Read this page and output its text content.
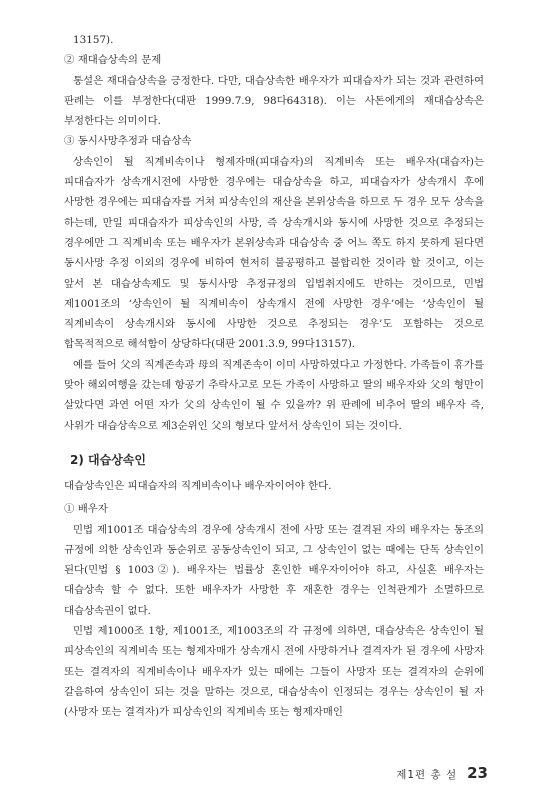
13157).

② 재대습상속의 문제

통설은 재대습상속을 긍정한다. 다만, 대습상속한 배우자가 피대습자가 되는 것과 관련하여 판례는 이를 부정한다(대판 1999.7.9, 98다64318). 이는 사돈에게의 재대습상속은 부정한다는 의미이다.

③ 동시사망추정과 대습상속

상속인이 될 직계비속이나 형제자매(피대습자)의 직계비속 또는 배우자(대습자)는 피대습자가 상속개시전에 사망한 경우에는 대습상속을 하고, 피대습자가 상속개시 후에 사망한 경우에는 피대습자를 거쳐 피상속인의 재산을 본위상속을 하므로 두 경우 모두 상속을 하는데, 만일 피대습자가 피상속인의 사망, 즉 상속개시와 동시에 사망한 것으로 추정되는 경우에만 그 직계비속 또는 배우자가 본위상속과 대습상속 중 어느 쪽도 하지 못하게 된다면 동시사망 추정 이외의 경우에 비하여 현저히 불공평하고 불합리한 것이라 할 것이고, 이는 앞서 본 대습상속제도 및 동시사망 추정규정의 입법취지에도 반하는 것이므로, 민법 제1001조의 ‘상속인이 될 직계비속이 상속개시 전에 사망한 경우’에는 ‘상속인이 될 직계비속이 상속개시와 동시에 사망한 것으로 추정되는 경우’도 포함하는 것으로 합목적적으로 해석함이 상당하다(대판 2001.3.9, 99다13157).

예를 들어 父의 직계존속과 母의 직계존속이 이미 사망하였다고 가정한다. 가족들이 휴가를 맞아 해외여행을 갔는데 항공기 추락사고로 모든 가족이 사망하고 딸의 배우자와 父의 형만이 살았다면 과연 어떤 자가 父의 상속인이 될 수 있을까? 위 판례에 비추어 딸의 배우자 즉, 사위가 대습상속으로 제3순위인 父의 형보다 앞서서 상속인이 되는 것이다.

2) 대습상속인

대습상속인은 피대습자의 직계비속이나 배우자이어야 한다.

① 배우자

민법 제1001조 대습상속의 경우에 상속개시 전에 사망 또는 결격된 자의 배우자는 동조의 규정에 의한 상속인과 동순위로 공동상속인이 되고, 그 상속인이 없는 때에는 단독 상속인이 된다(민법 § 1003②). 배우자는 법률상 혼인한 배우자이어야 하고, 사실혼 배우자는 대습상속 할 수 없다. 또한 배우자가 사망한 후 재혼한 경우는 인척관계가 소멸하므로 대습상속권이 없다.

민법 제1000조 1항, 제1001조, 제1003조의 각 규정에 의하면, 대습상속은 상속인이 될 피상속인의 직계비속 또는 형제자매가 상속개시 전에 사망하거나 결격자가 된 경우에 사망자 또는 결격자의 직계비속이나 배우자가 있는 때에는 그들이 사망자 또는 결격자의 순위에 갈음하여 상속인이 되는 것을 말하는 것으로, 대습상속이 인정되는 경우는 상속인이 될 자(사망자 또는 결격자)가 피상속인의 직계비속 또는 형제자매인

제1편 총 설 23
